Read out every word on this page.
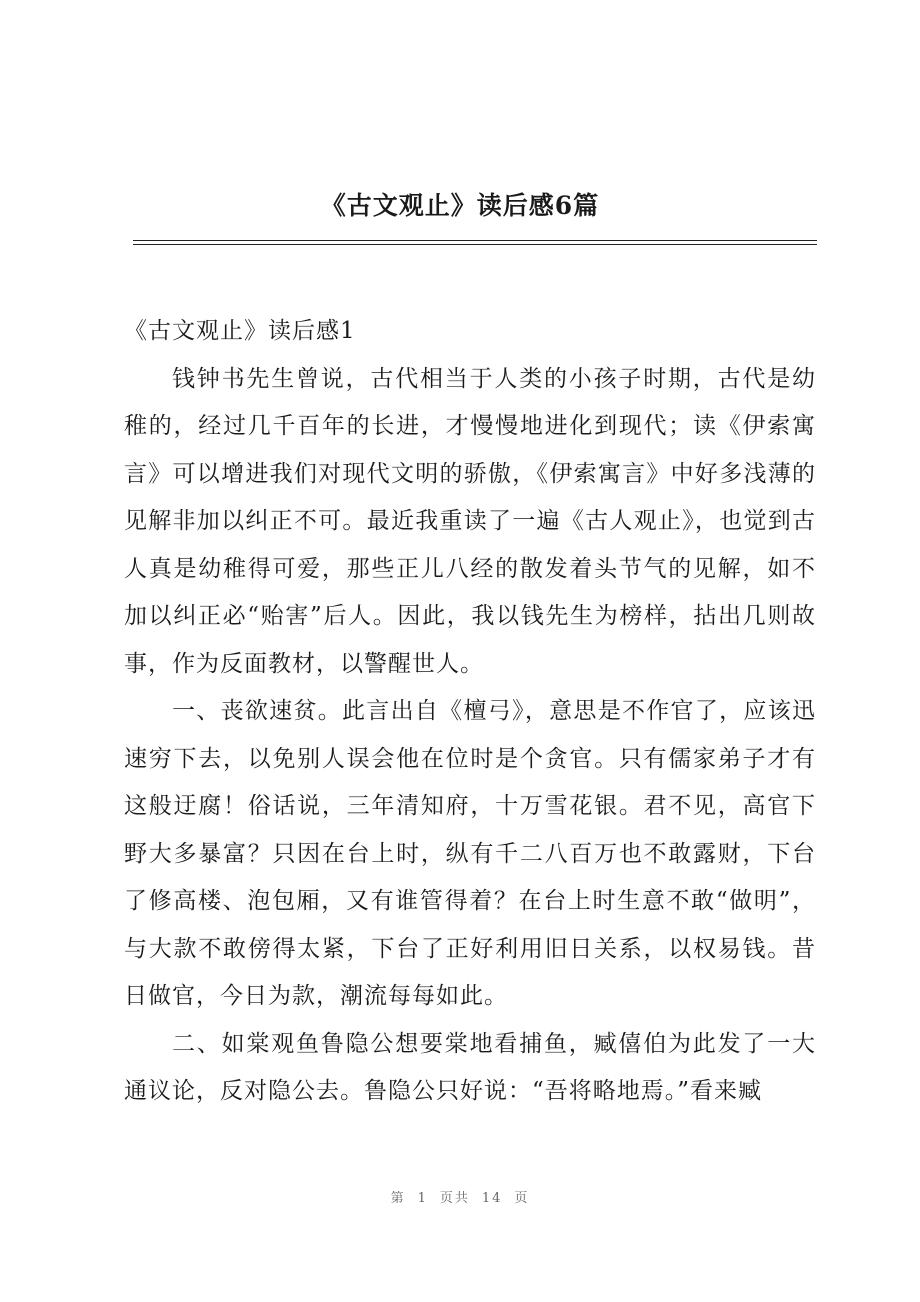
《古文观止》读后感6篇

《古文观止》读后感1

钱钟书先生曾说，古代相当于人类的小孩子时期，古代是幼稚的，经过几千百年的长进，才慢慢地进化到现代；读《伊索寓言》可以增进我们对现代文明的骄傲，《伊索寓言》中好多浅薄的见解非加以纠正不可。最近我重读了一遍《古人观止》，也觉到古人真是幼稚得可爱，那些正儿八经的散发着头节气的见解，如不加以纠正必“贻害”后人。因此，我以钱先生为榜样，拈出几则故事，作为反面教材，以警醒世人。

一、丧欲速贫。此言出自《檀弓》，意思是不作官了，应该迅速穷下去，以免别人误会他在位时是个贪官。只有儒家弟子才有这般迂腐！俗话说，三年清知府，十万雪花银。君不见，高官下野大多暴富？只因在台上时，纵有千二八百万也不敢露财，下台了修高楼、泡包厢，又有谁管得着？在台上时生意不敢“做明”，与大款不敢傍得太紧，下台了正好利用旧日关系，以权易钱。昔日做官，今日为款，潮流每每如此。

二、如棠观鱼鲁隐公想要棠地看捕鱼，臧僖伯为此发了一大通议论，反对隐公去。鲁隐公只好说：“吾将略地焉。”看来臧

第 1 页共 14 页
